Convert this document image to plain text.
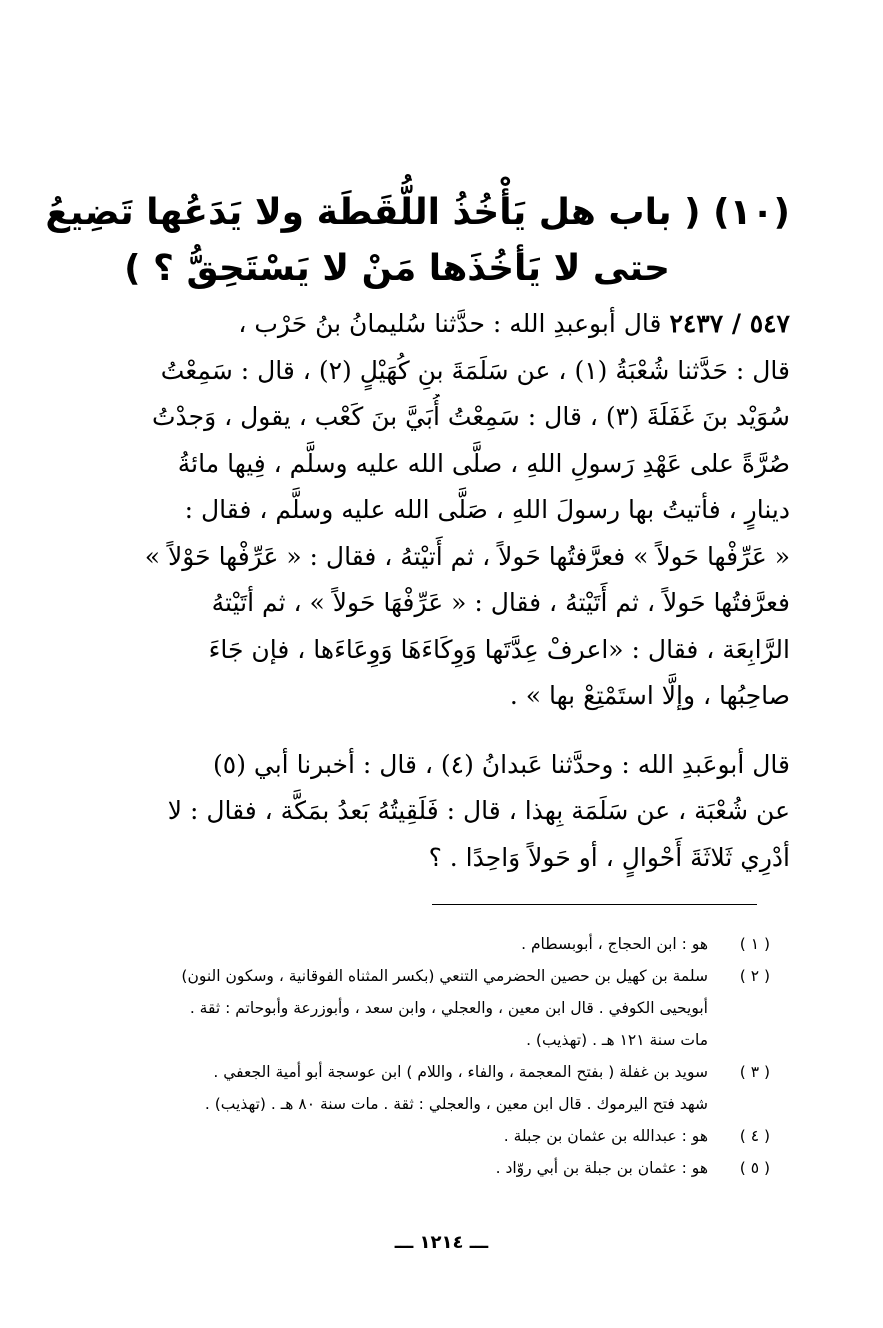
(١٠) ( باب هل يَأْخُذُ اللُّقَطَة ولا يَدَعُها تَضِيعُ
حتى لا يَأخُذَها مَنْ لا يَسْتَحِقُّ ؟ )
٥٤٧ / ٢٤٣٧ قال أبوعبدِ الله : حدَّثنا سُليمانُ بنُ حَرْب ،
قال : حَدَّثنا شُعْبَةُ (١) ، عن سَلَمَةَ بنِ كُهَيْلٍ (٢) ، قال : سَمِعْتُ
سُوَيْد بنَ غَفَلَةَ (٣) ، قال : سَمِعْتُ أُبَيَّ بنَ كَعْب ، يقول ، وَجدْتُ
صُرَّةً على عَهْدِ رَسولِ اللهِ ، صلَّى الله عليه وسلَّم ، فِيها مائةُ
دينارٍ ، فأتيتُ بها رسولَ اللهِ ، صَلَّى الله عليه وسلَّم ، فقال :
« عَرِّفْها حَولاً » فعرَّفتُها حَولاً ، ثم أَتيْتهُ ، فقال : « عَرِّفْها حَوْلاً »
فعرَّفتُها حَولاً ، ثم أَتَيْتهُ ، فقال : « عَرِّفْهَا حَولاً » ، ثم أتَيْتهُ
الرَّابِعَة ، فقال : «اعرفْ عِدَّتَها وَوِكَاءَهَا وَوِعَاءَها ، فإن جَاءَ
صاحِبُها ، وإلَّا استَمْتِعْ بها » .
قال أبوعَبدِ الله : وحدَّثنا عَبدانُ (٤) ، قال : أخبرنا أبي (٥)
عن شُعْبَة ، عن سَلَمَة بِهذا ، قال : فَلَقِيتُهُ بَعدُ بمَكَّة ، فقال : لا
أدْرِي ثَلاثَةَ أَحْوالٍ ، أو حَولاً وَاحِدًا . ؟
( ١ )
هو : ابن الحجاج ، أبوبسطام .
( ٢ )
سلمة بن كهيل بن حصين الحضرمي التنعي (بكسر المثناه الفوقانية ، وسكون النون)
أبويحيى الكوفي . قال ابن معين ، والعجلي ، وابن سعد ، وأبوزرعة وأبوحاتم : ثقة .
مات سنة ١٢١ هـ . (تهذيب) .
( ٣ )
سويد بن غفلة ( بفتح المعجمة ، والفاء ، واللام ) ابن عوسجة أبو أمية الجعفي .
شهد فتح اليرموك . قال ابن معين ، والعجلي : ثقة . مات سنة ٨٠ هـ . (تهذيب) .
( ٤ )
هو : عبدالله بن عثمان بن جبلة .
( ٥ )
هو : عثمان بن جبلة بن أبي روّاد .
ـــ ١٢١٤ ـــ
